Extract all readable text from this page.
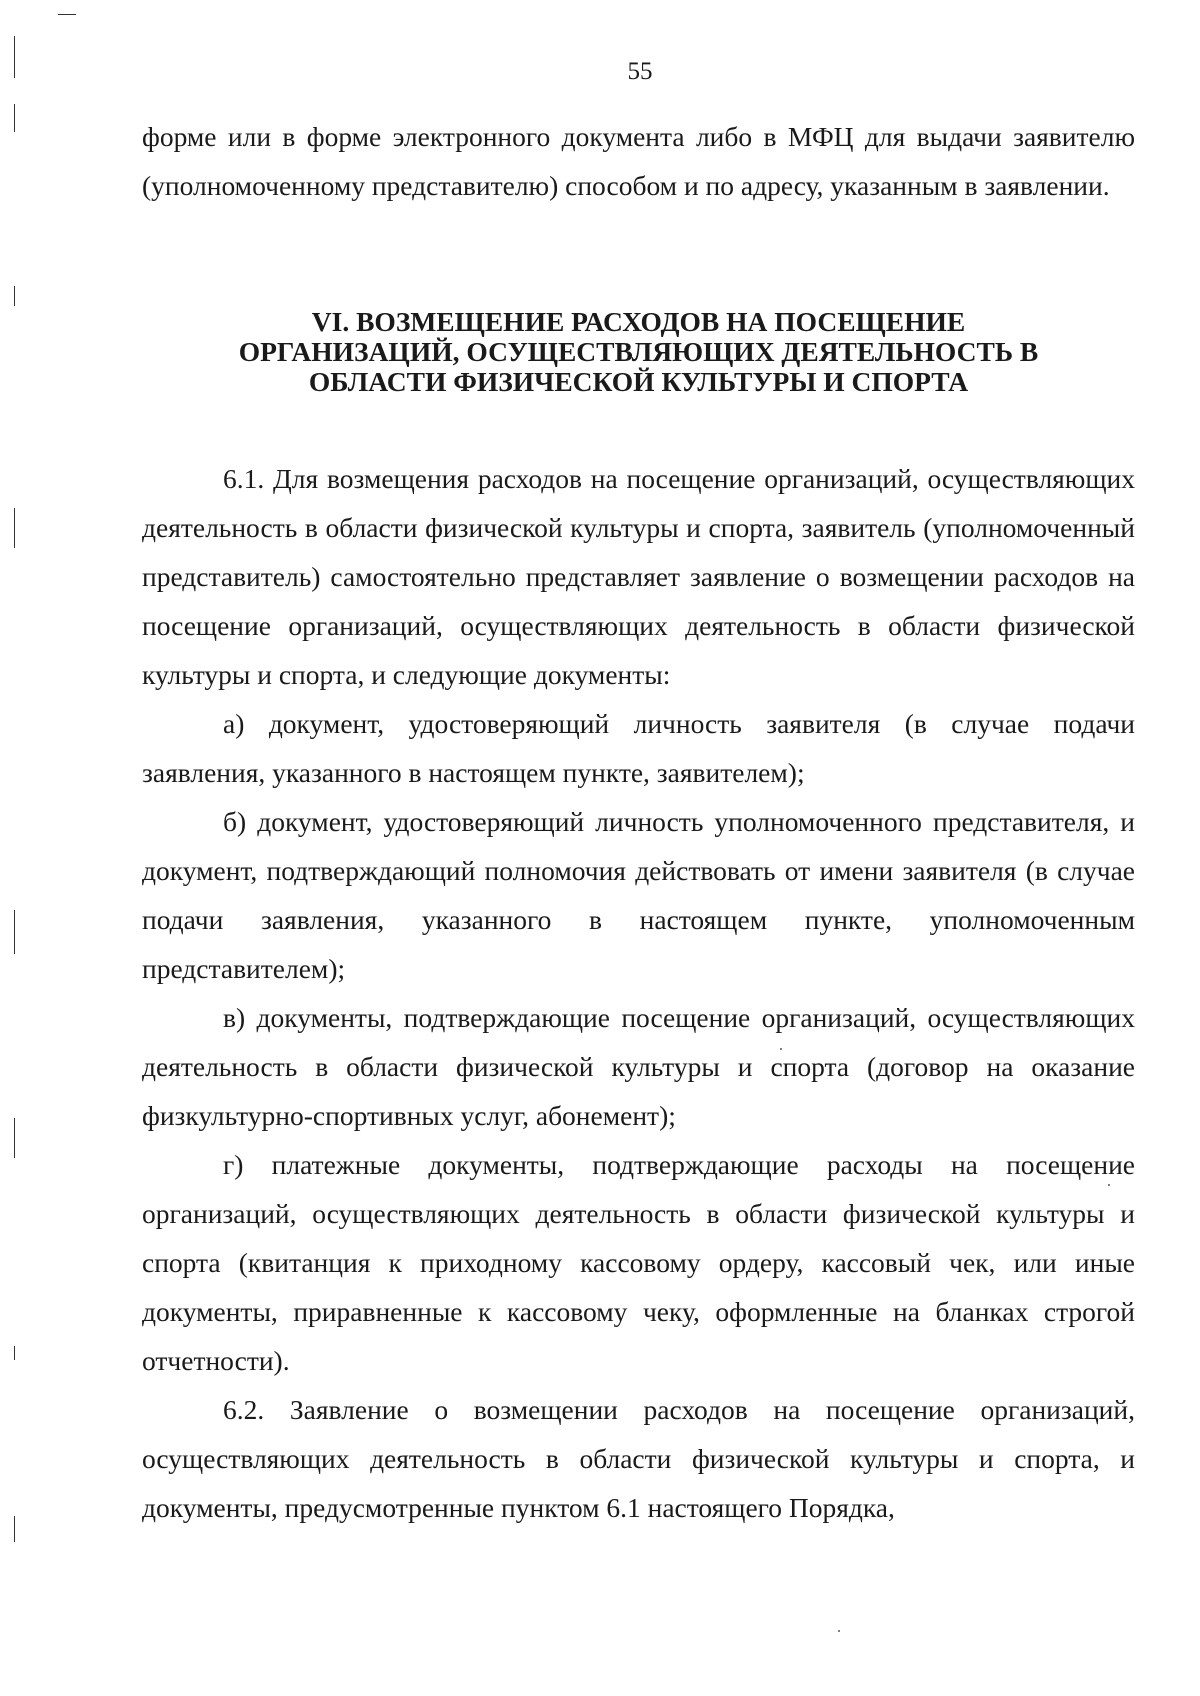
55

форме или в форме электронного документа либо в МФЦ для выдачи заявителю (уполномоченному представителю) способом и по адресу, указанным в заявлении.

VI. ВОЗМЕЩЕНИЕ РАСХОДОВ НА ПОСЕЩЕНИЕ
ОРГАНИЗАЦИЙ, ОСУЩЕСТВЛЯЮЩИХ ДЕЯТЕЛЬНОСТЬ В
ОБЛАСТИ ФИЗИЧЕСКОЙ КУЛЬТУРЫ И СПОРТА

6.1. Для возмещения расходов на посещение организаций, осуществляющих деятельность в области физической культуры и спорта, заявитель (уполномоченный представитель) самостоятельно представляет заявление о возмещении расходов на посещение организаций, осуществляющих деятельность в области физической культуры и спорта, и следующие документы:

а) документ, удостоверяющий личность заявителя (в случае подачи заявления, указанного в настоящем пункте, заявителем);

б) документ, удостоверяющий личность уполномоченного представителя, и документ, подтверждающий полномочия действовать от имени заявителя (в случае подачи заявления, указанного в настоящем пункте, уполномоченным представителем);

в) документы, подтверждающие посещение организаций, осуществляющих деятельность в области физической культуры и спорта (договор на оказание физкультурно-спортивных услуг, абонемент);

г) платежные документы, подтверждающие расходы на посещение организаций, осуществляющих деятельность в области физической культуры и спорта (квитанция к приходному кассовому ордеру, кассовый чек, или иные документы, приравненные к кассовому чеку, оформленные на бланках строгой отчетности).

6.2. Заявление о возмещении расходов на посещение организаций, осуществляющих деятельность в области физической культуры и спорта, и документы, предусмотренные пунктом 6.1 настоящего Порядка,
